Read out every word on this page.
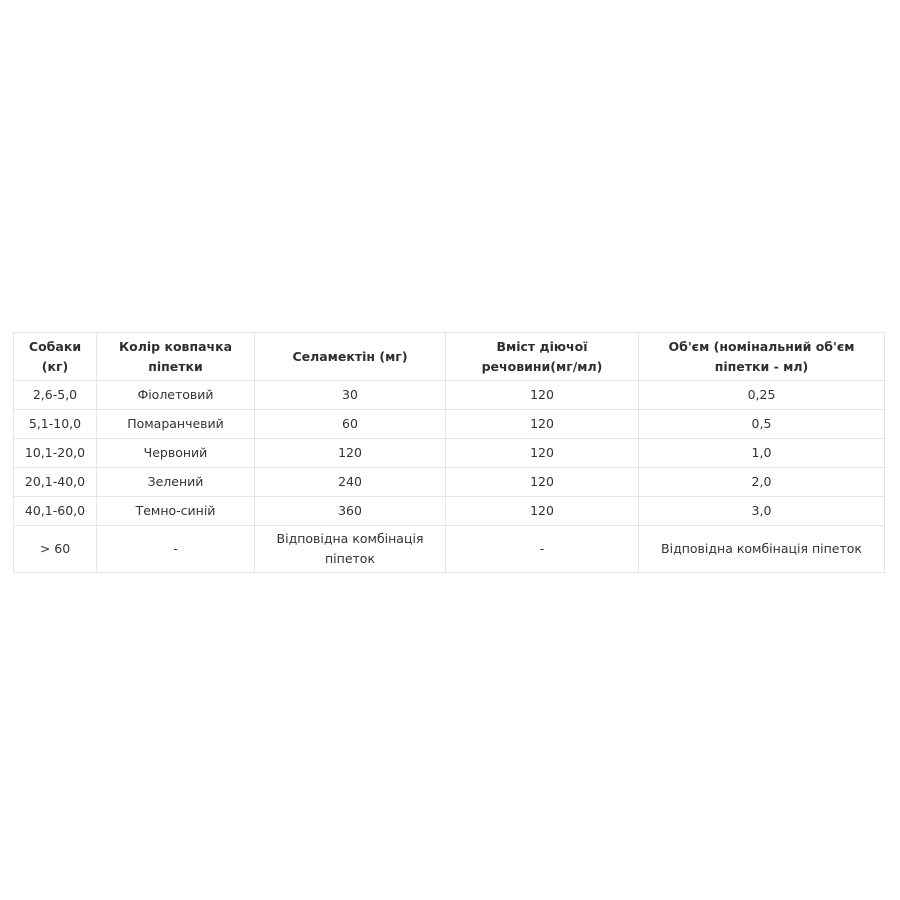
Собаки (кг)	Колір ковпачка піпетки	Селамектін (мг)	Вміст діючої речовини(мг/мл)	Об'єм (номінальний об'єм піпетки - мл)
2,6-5,0	Фіолетовий	30	120	0,25
5,1-10,0	Помаранчевий	60	120	0,5
10,1-20,0	Червоний	120	120	1,0
20,1-40,0	Зелений	240	120	2,0
40,1-60,0	Темно-синій	360	120	3,0
> 60	-	Відповідна комбінація піпеток	-	Відповідна комбінація піпеток
